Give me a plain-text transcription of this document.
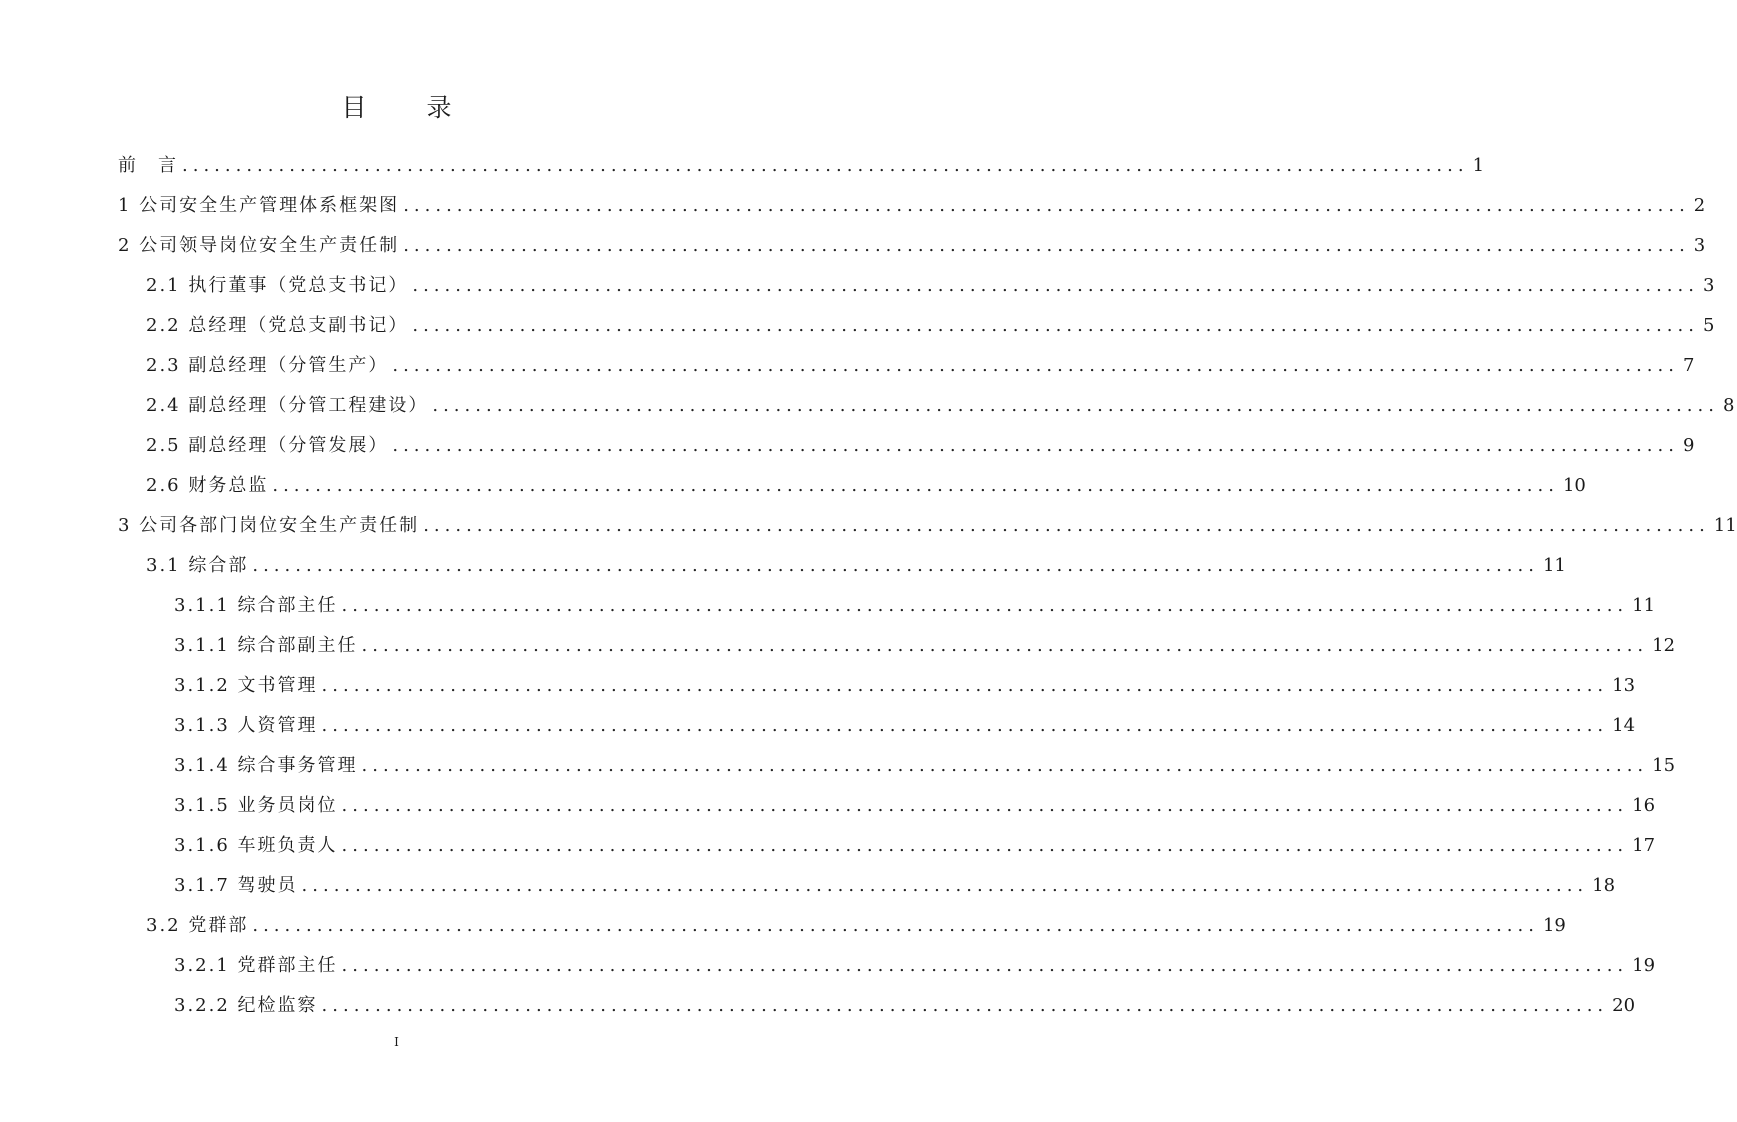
目 录
前　言 ........................................................................................................................ 1
1 公司安全生产管理体系框架图 ........................................................................................................................ 2
2 公司领导岗位安全生产责任制 ........................................................................................................................ 3
2.1 执行董事（党总支书记） ........................................................................................................................ 3
2.2 总经理（党总支副书记） ........................................................................................................................ 5
2.3 副总经理（分管生产） ........................................................................................................................ 7
2.4 副总经理（分管工程建设） ........................................................................................................................ 8
2.5 副总经理（分管发展） ........................................................................................................................ 9
2.6 财务总监 ........................................................................................................................ 10
3 公司各部门岗位安全生产责任制 ........................................................................................................................ 11
3.1 综合部 ........................................................................................................................ 11
3.1.1 综合部主任 ........................................................................................................................ 11
3.1.1 综合部副主任 ........................................................................................................................ 12
3.1.2 文书管理 ........................................................................................................................ 13
3.1.3 人资管理 ........................................................................................................................ 14
3.1.4 综合事务管理 ........................................................................................................................ 15
3.1.5 业务员岗位 ........................................................................................................................ 16
3.1.6 车班负责人 ........................................................................................................................ 17
3.1.7 驾驶员 ........................................................................................................................ 18
3.2 党群部 ........................................................................................................................ 19
3.2.1 党群部主任 ........................................................................................................................ 19
3.2.2 纪检监察 ........................................................................................................................ 20
I
